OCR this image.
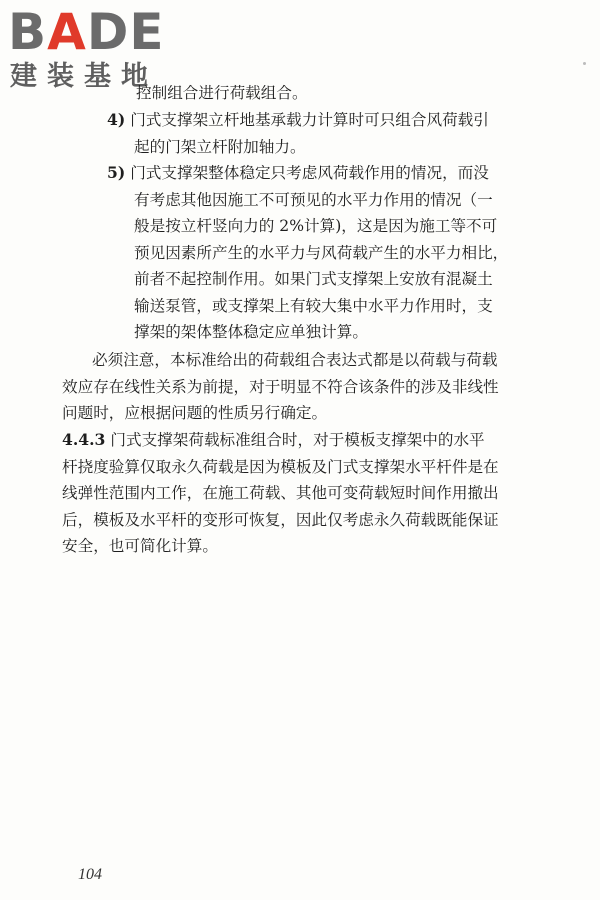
BADE
建装基地
控制组合进行荷载组合。
4) 门式支撑架立杆地基承载力计算时可只组合风荷载引
起的门架立杆附加轴力。
5) 门式支撑架整体稳定只考虑风荷载作用的情况，而没
有考虑其他因施工不可预见的水平力作用的情况（一
般是按立杆竖向力的 2%计算)，这是因为施工等不可
预见因素所产生的水平力与风荷载产生的水平力相比，
前者不起控制作用。如果门式支撑架上安放有混凝土
输送泵管，或支撑架上有较大集中水平力作用时，支
撑架的架体整体稳定应单独计算。
必须注意，本标准给出的荷载组合表达式都是以荷载与荷载
效应存在线性关系为前提，对于明显不符合该条件的涉及非线性
问题时，应根据问题的性质另行确定。
4.4.3 门式支撑架荷载标准组合时，对于模板支撑架中的水平
杆挠度验算仅取永久荷载是因为模板及门式支撑架水平杆件是在
线弹性范围内工作，在施工荷载、其他可变荷载短时间作用撤出
后，模板及水平杆的变形可恢复，因此仅考虑永久荷载既能保证
安全，也可简化计算。
104
